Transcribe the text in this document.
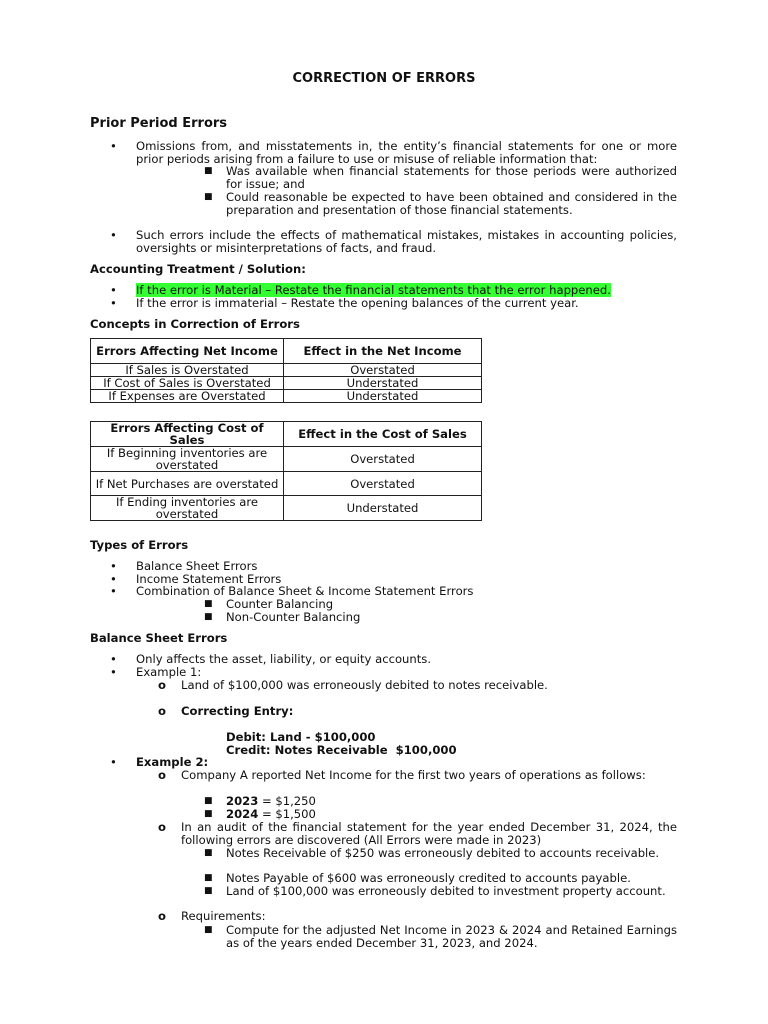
CORRECTION OF ERRORS
Prior Period Errors
• Omissions from, and misstatements in, the entity’s financial statements for one or more prior periods arising from a failure to use or misuse of reliable information that:
■ Was available when financial statements for those periods were authorized for issue; and
■ Could reasonable be expected to have been obtained and considered in the preparation and presentation of those financial statements.
• Such errors include the effects of mathematical mistakes, mistakes in accounting policies, oversights or misinterpretations of facts, and fraud.
Accounting Treatment / Solution:
• If the error is Material – Restate the financial statements that the error happened.
• If the error is immaterial – Restate the opening balances of the current year.
Concepts in Correction of Errors
Errors Affecting Net Income	Effect in the Net Income
If Sales is Overstated	Overstated
If Cost of Sales is Overstated	Understated
If Expenses are Overstated	Understated
Errors Affecting Cost of Sales	Effect in the Cost of Sales
If Beginning inventories are overstated	Overstated
If Net Purchases are overstated	Overstated
If Ending inventories are overstated	Understated
Types of Errors
• Balance Sheet Errors
• Income Statement Errors
• Combination of Balance Sheet & Income Statement Errors
■ Counter Balancing
■ Non-Counter Balancing
Balance Sheet Errors
• Only affects the asset, liability, or equity accounts.
• Example 1:
o Land of $100,000 was erroneously debited to notes receivable.
o Correcting Entry:
Debit: Land - $100,000
Credit: Notes Receivable  $100,000
• Example 2:
o Company A reported Net Income for the first two years of operations as follows:
■ 2023 = $1,250
■ 2024 = $1,500
o In an audit of the financial statement for the year ended December 31, 2024, the following errors are discovered (All Errors were made in 2023)
■ Notes Receivable of $250 was erroneously debited to accounts receivable.
■ Notes Payable of $600 was erroneously credited to accounts payable.
■ Land of $100,000 was erroneously debited to investment property account.
o Requirements:
■ Compute for the adjusted Net Income in 2023 & 2024 and Retained Earnings as of the years ended December 31, 2023, and 2024.
